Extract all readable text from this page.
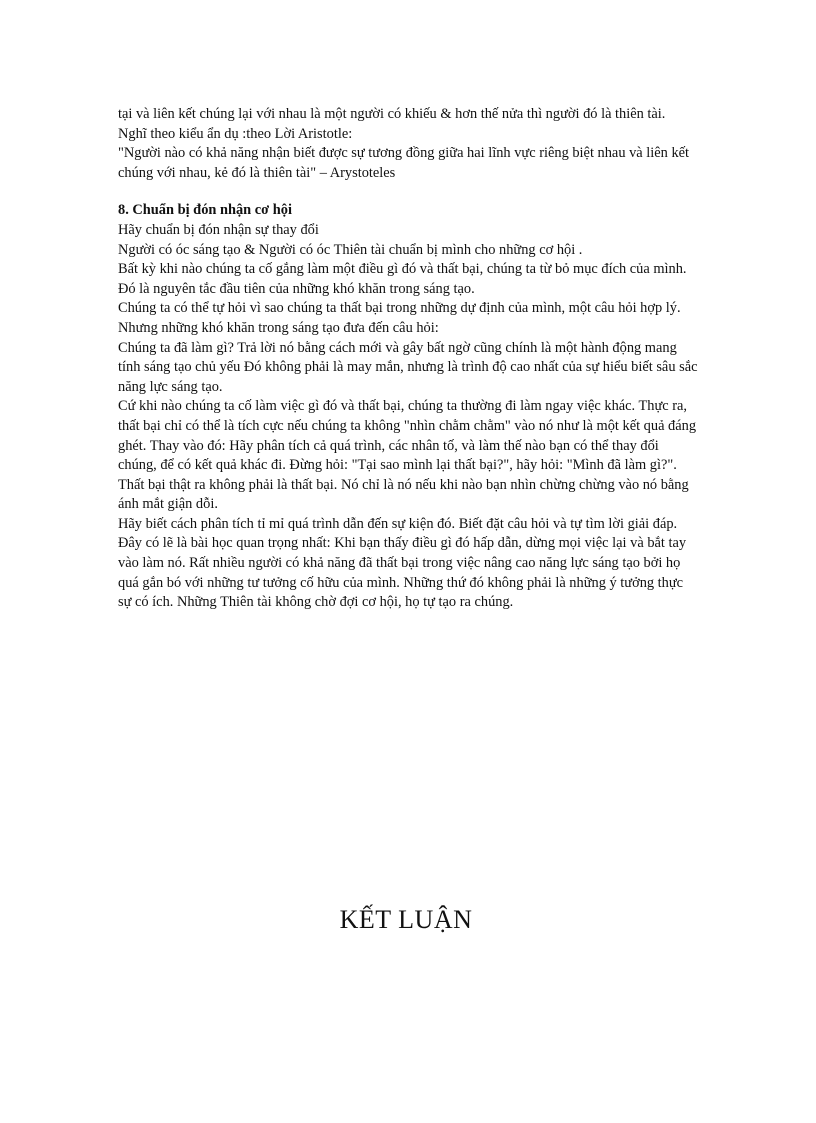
tại và liên kết chúng lại với nhau là một người có khiếu & hơn thế nửa thì người đó là thiên tài.

Nghĩ theo kiểu ẩn dụ :theo Lời Aristotle:

"Người nào có khả năng nhận biết được sự tương đồng giữa hai lĩnh vực riêng biệt nhau và liên kết chúng với nhau, kẻ đó là thiên tài" – Arystoteles

8. Chuẩn bị đón nhận cơ hội

Hãy chuẩn bị đón nhận sự thay đổi

Người có óc sáng tạo & Người có óc Thiên tài chuẩn bị mình cho những cơ hội .

Bất kỳ khi nào chúng ta cố gắng làm một điều gì đó và thất bại, chúng ta từ bỏ mục đích của mình. Đó là nguyên tắc đầu tiên của những khó khăn trong sáng tạo.

Chúng ta có thể tự hỏi vì sao chúng ta thất bại trong những dự định của mình, một câu hỏi hợp lý.

Nhưng những khó khăn trong sáng tạo đưa đến câu hỏi:

Chúng ta đã làm gì? Trả lời nó bằng cách mới và gây bất ngờ cũng chính là một hành động mang tính sáng tạo chủ yếu Đó không phải là may mắn, nhưng là trình độ cao nhất của sự hiểu biết sâu sắc năng lực sáng tạo.

Cứ khi nào chúng ta cố làm việc gì đó và thất bại, chúng ta thường đi làm ngay việc khác. Thực ra, thất bại chỉ có thể là tích cực nếu chúng ta không "nhìn chằm chằm" vào nó như là một kết quả đáng ghét. Thay vào đó: Hãy phân tích cả quá trình, các nhân tố, và làm thế nào bạn có thể thay đổi chúng, để có kết quả khác đi. Đừng hỏi: "Tại sao mình lại thất bại?", hãy hỏi: "Mình đã làm gì?".

Thất bại thật ra không phải là thất bại. Nó chỉ là nó nếu khi nào bạn nhìn chừng chừng vào nó bằng ánh mắt giận dỗi.

Hãy biết cách phân tích tỉ mỉ quá trình dẫn đến sự kiện đó. Biết đặt câu hỏi và tự tìm lời giải đáp.

Đây có lẽ là bài học quan trọng nhất: Khi bạn thấy điều gì đó hấp dẫn, dừng mọi việc lại và bắt tay vào làm nó. Rất nhiều người có khả năng đã thất bại trong việc nâng cao năng lực sáng tạo bởi họ quá gắn bó với những tư tưởng cố hữu của mình. Những thứ đó không phải là những ý tưởng thực sự có ích. Những Thiên tài không chờ đợi cơ hội, họ tự tạo ra chúng.

KẾT LUẬN
